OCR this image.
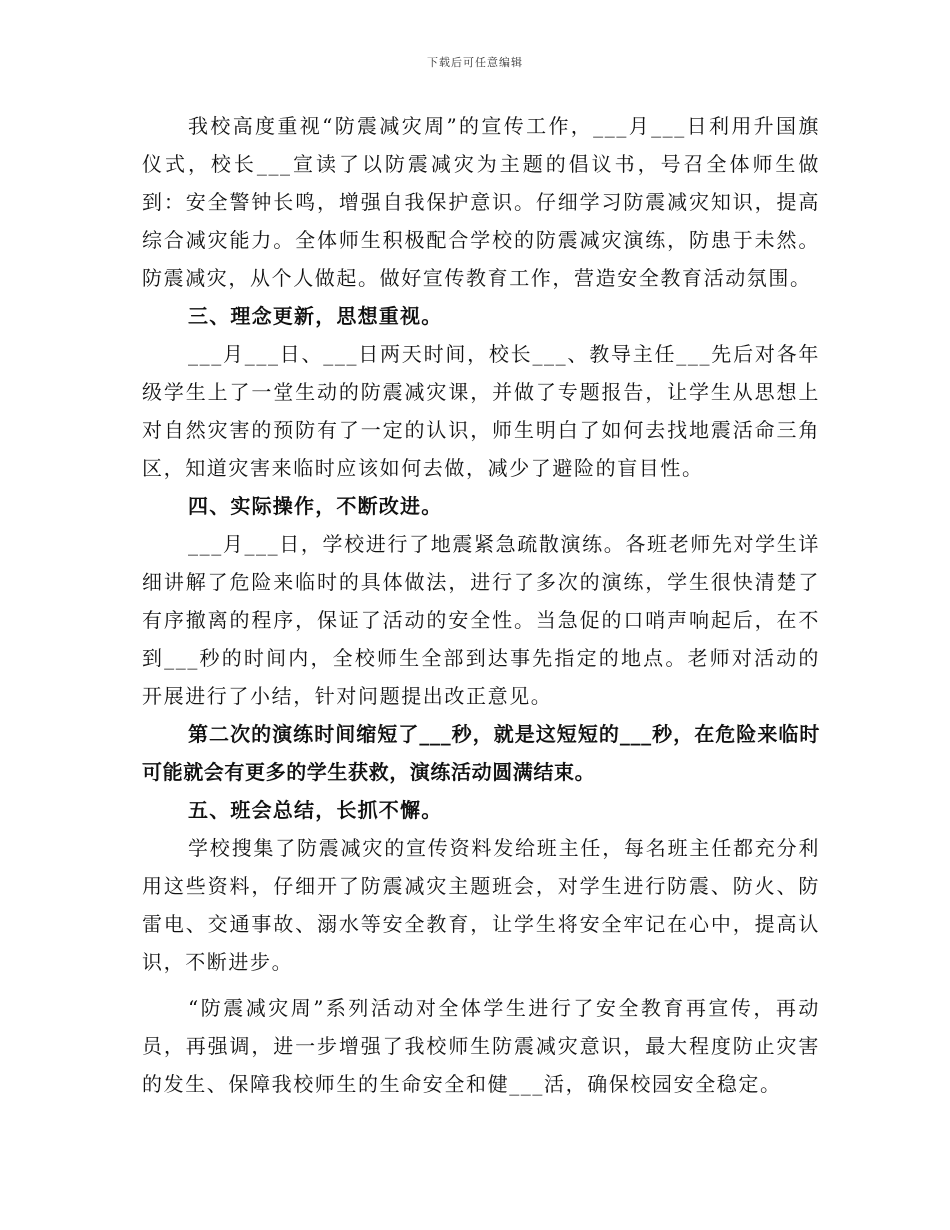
下载后可任意编辑

我校高度重视“防震减灾周”的宣传工作，___月___日利用升国旗仪式，校长___宣读了以防震减灾为主题的倡议书，号召全体师生做到：安全警钟长鸣，增强自我保护意识。仔细学习防震减灾知识，提高综合减灾能力。全体师生积极配合学校的防震减灾演练，防患于未然。防震减灾，从个人做起。做好宣传教育工作，营造安全教育活动氛围。

三、理念更新，思想重视。

___月___日、___日两天时间，校长___、教导主任___先后对各年级学生上了一堂生动的防震减灾课，并做了专题报告，让学生从思想上对自然灾害的预防有了一定的认识，师生明白了如何去找地震活命三角区，知道灾害来临时应该如何去做，减少了避险的盲目性。

四、实际操作，不断改进。

___月___日，学校进行了地震紧急疏散演练。各班老师先对学生详细讲解了危险来临时的具体做法，进行了多次的演练，学生很快清楚了有序撤离的程序，保证了活动的安全性。当急促的口哨声响起后，在不到___秒的时间内，全校师生全部到达事先指定的地点。老师对活动的开展进行了小结，针对问题提出改正意见。

第二次的演练时间缩短了___秒，就是这短短的___秒，在危险来临时可能就会有更多的学生获救，演练活动圆满结束。

五、班会总结，长抓不懈。

学校搜集了防震减灾的宣传资料发给班主任，每名班主任都充分利用这些资料，仔细开了防震减灾主题班会，对学生进行防震、防火、防雷电、交通事故、溺水等安全教育，让学生将安全牢记在心中，提高认识，不断进步。

“防震减灾周”系列活动对全体学生进行了安全教育再宣传，再动员，再强调，进一步增强了我校师生防震减灾意识，最大程度防止灾害的发生、保障我校师生的生命安全和健___活，确保校园安全稳定。
